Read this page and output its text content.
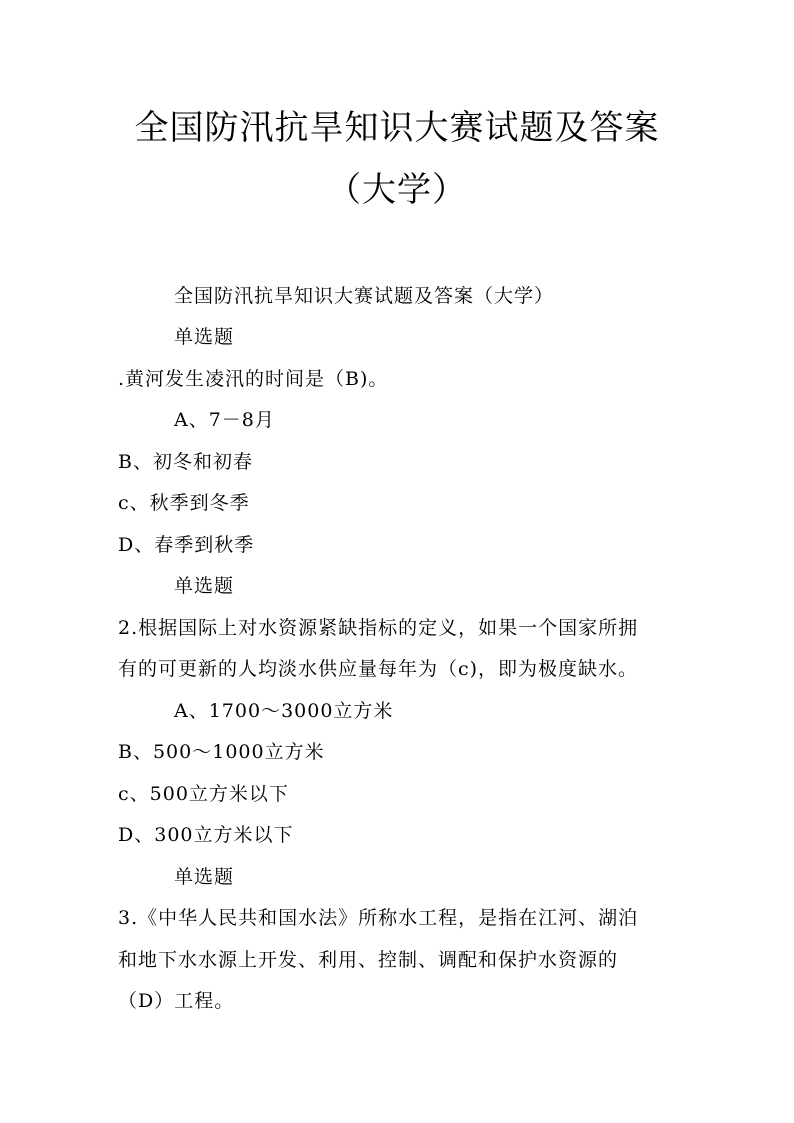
全国防汛抗旱知识大赛试题及答案
（大学）
全国防汛抗旱知识大赛试题及答案（大学）
单选题
.黄河发生凌汛的时间是（B)。
A、7－8月
B、初冬和初春
c、秋季到冬季
D、春季到秋季
单选题
2.根据国际上对水资源紧缺指标的定义，如果一个国家所拥
有的可更新的人均淡水供应量每年为（c)，即为极度缺水。
A、1700～3000立方米
B、500～1000立方米
c、500立方米以下
D、300立方米以下
单选题
3.《中华人民共和国水法》所称水工程，是指在江河、湖泊
和地下水水源上开发、利用、控制、调配和保护水资源的
（D）工程。
